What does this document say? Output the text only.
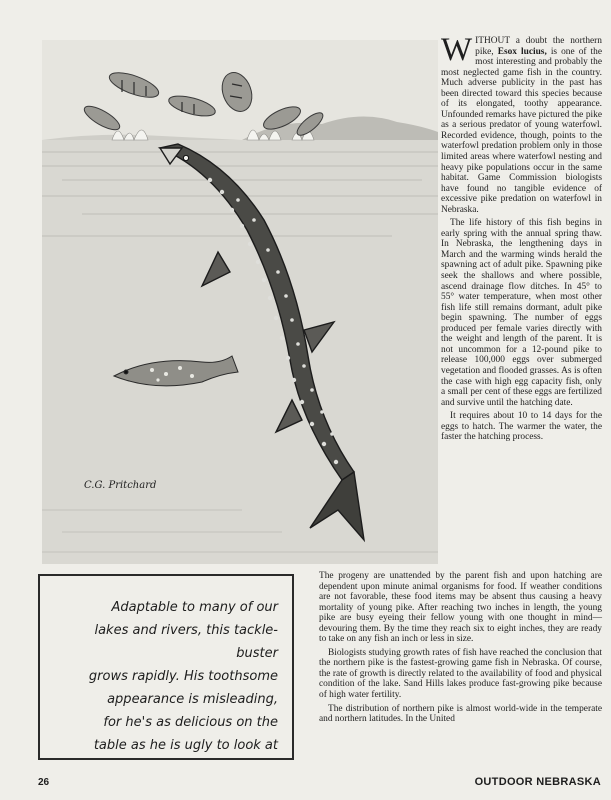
C.G. Pritchard

WITHOUT a doubt the northern pike, Esox lucius, is one of the most interesting and probably the most neglected game fish in the country. Much adverse publicity in the past has been directed toward this species because of its elongated, toothy appearance. Unfounded remarks have pictured the pike as a serious predator of young waterfowl. Recorded evidence, though, points to the waterfowl predation problem only in those limited areas where waterfowl nesting and heavy pike populations occur in the same habitat. Game Commission biologists have found no tangible evidence of excessive pike predation on waterfowl in Nebraska.

The life history of this fish begins in early spring with the annual spring thaw. In Nebraska, the lengthening days in March and the warming winds herald the spawning act of adult pike. Spawning pike seek the shallows and where possible, ascend drainage flow ditches. In 45° to 55° water temperature, when most other fish life still remains dormant, adult pike begin spawning. The number of eggs produced per female varies directly with the weight and length of the parent. It is not uncommon for a 12-pound pike to release 100,000 eggs over submerged vegetation and flooded grasses. As is often the case with high egg capacity fish, only a small per cent of these eggs are fertilized and survive until the hatching date.

It requires about 10 to 14 days for the eggs to hatch. The warmer the water, the faster the hatching process.

Adaptable to many of our
lakes and rivers, this tackle-buster
grows rapidly. His toothsome
appearance is misleading,
for he's as delicious on the
table as he is ugly to look at

The progeny are unattended by the parent fish and upon hatching are dependent upon minute animal organisms for food. If weather conditions are not favorable, these food items may be absent thus causing a heavy mortality of young pike. After reaching two inches in length, the young pike are busy eyeing their fellow young with one thought in mind—devouring them. By the time they reach six to eight inches, they are ready to take on any fish an inch or less in size.

Biologists studying growth rates of fish have reached the conclusion that the northern pike is the fastest-growing game fish in Nebraska. Of course, the rate of growth is directly related to the availability of food and physical condition of the lake. Sand Hills lakes produce fast-growing pike because of high water fertility.

The distribution of northern pike is almost world-wide in the temperate and northern latitudes. In the United

26	OUTDOOR NEBRASKA
